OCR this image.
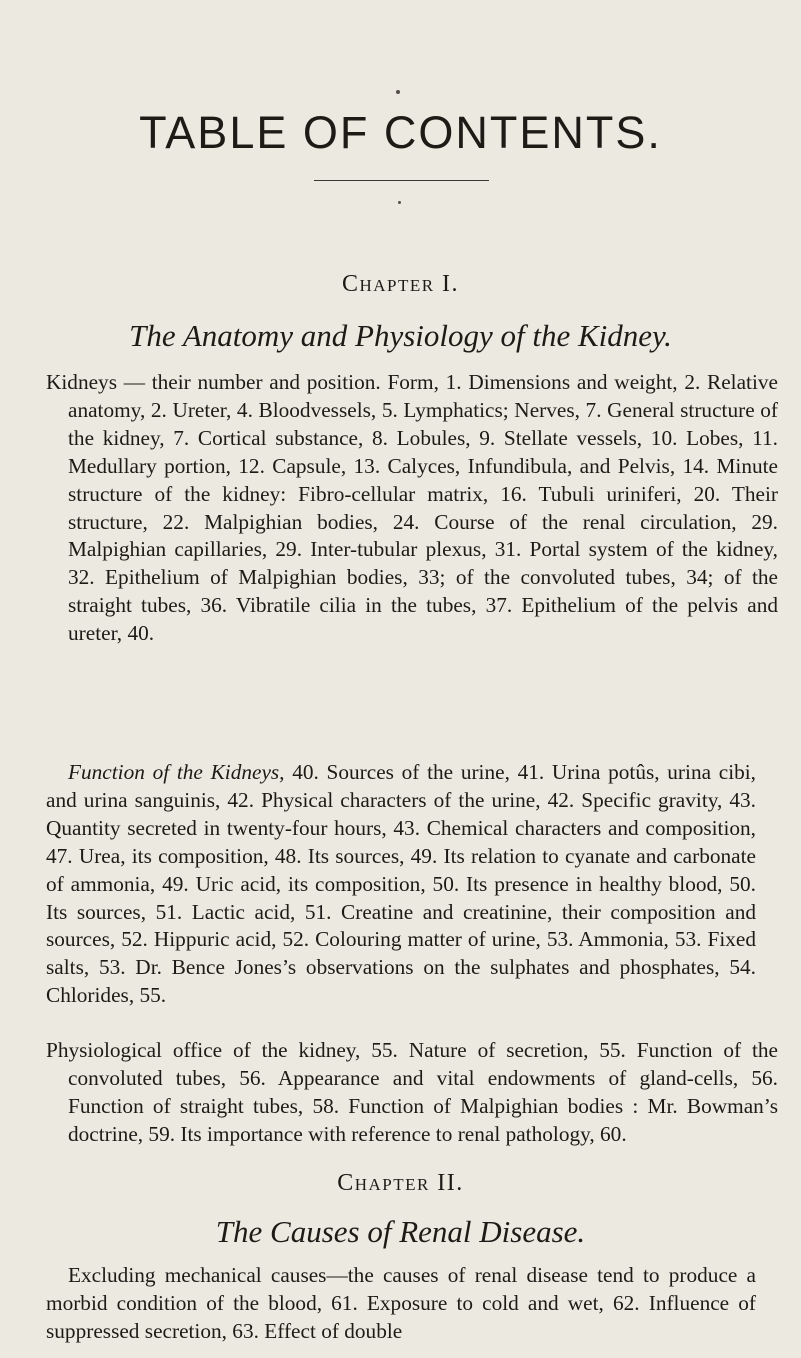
TABLE OF CONTENTS.
Chapter I.
The Anatomy and Physiology of the Kidney.
Kidneys — their number and position. Form, 1. Dimensions and weight, 2. Relative anatomy, 2. Ureter, 4. Bloodvessels, 5. Lymphatics; Nerves, 7. General structure of the kidney, 7. Cortical substance, 8. Lobules, 9. Stellate vessels, 10. Lobes, 11. Medullary portion, 12. Capsule, 13. Calyces, Infundibula, and Pelvis, 14. Minute structure of the kidney: Fibro-cellular matrix, 16. Tubuli uriniferi, 20. Their structure, 22. Malpighian bodies, 24. Course of the renal circulation, 29. Malpighian capillaries, 29. Inter-tubular plexus, 31. Portal system of the kidney, 32. Epithelium of Malpighian bodies, 33; of the convoluted tubes, 34; of the straight tubes, 36. Vibratile cilia in the tubes, 37. Epithelium of the pelvis and ureter, 40.
Function of the Kidneys, 40. Sources of the urine, 41. Urina potûs, urina cibi, and urina sanguinis, 42. Physical characters of the urine, 42. Specific gravity, 43. Quantity secreted in twenty-four hours, 43. Chemical characters and composition, 47. Urea, its composition, 48. Its sources, 49. Its relation to cyanate and carbonate of ammonia, 49. Uric acid, its composition, 50. Its presence in healthy blood, 50. Its sources, 51. Lactic acid, 51. Creatine and creatinine, their composition and sources, 52. Hippuric acid, 52. Colouring matter of urine, 53. Ammonia, 53. Fixed salts, 53. Dr. Bence Jones’s observations on the sulphates and phosphates, 54. Chlorides, 55.
Physiological office of the kidney, 55. Nature of secretion, 55. Function of the convoluted tubes, 56. Appearance and vital endowments of gland-cells, 56. Function of straight tubes, 58. Function of Malpighian bodies : Mr. Bowman’s doctrine, 59. Its importance with reference to renal pathology, 60.
Chapter II.
The Causes of Renal Disease.
Excluding mechanical causes—the causes of renal disease tend to produce a morbid condition of the blood, 61. Exposure to cold and wet, 62. Influence of suppressed secretion, 63. Effect of double
